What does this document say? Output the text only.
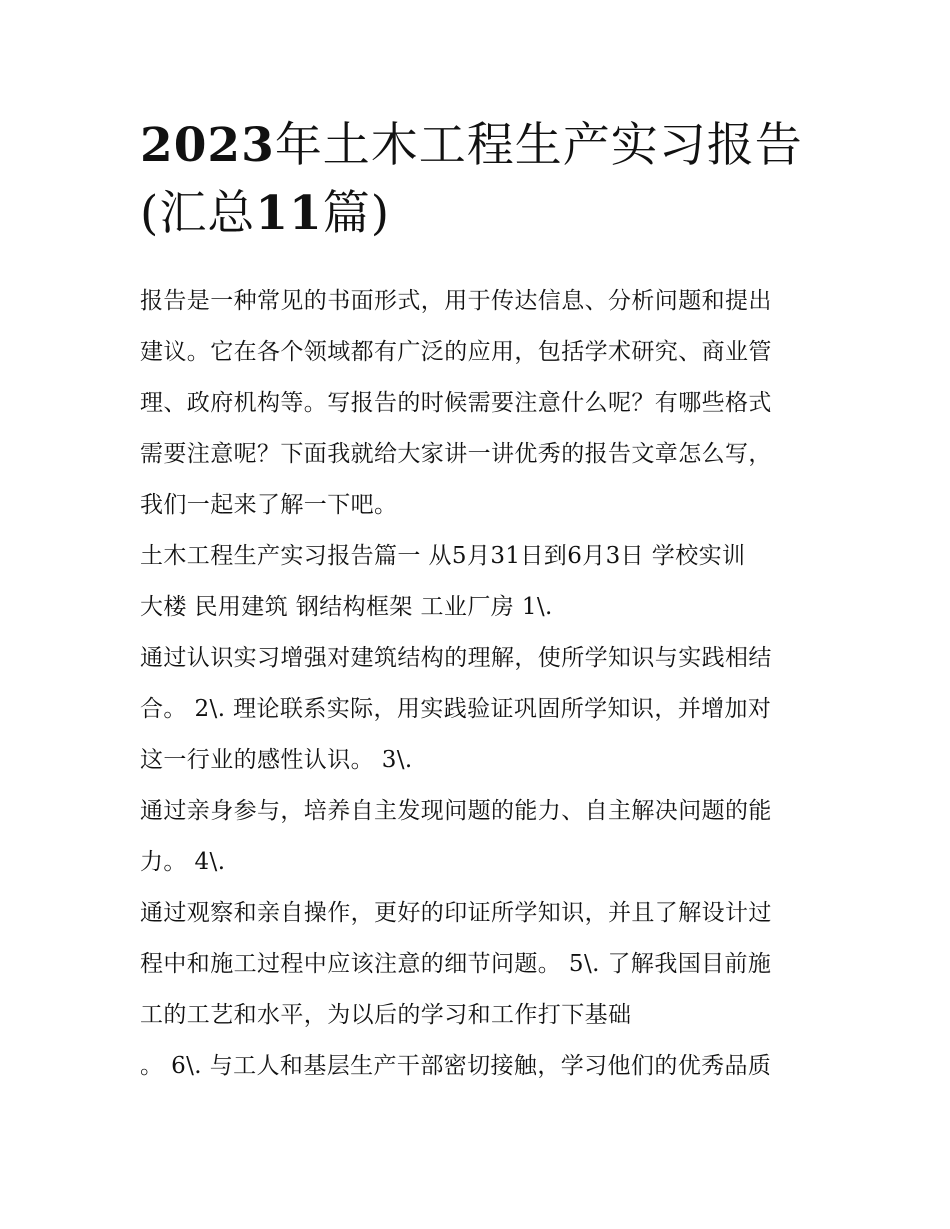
2023年土木工程生产实习报告
(汇总11篇)
报告是一种常见的书面形式，用于传达信息、分析问题和提出
建议。它在各个领域都有广泛的应用，包括学术研究、商业管
理、政府机构等。写报告的时候需要注意什么呢？有哪些格式
需要注意呢？下面我就给大家讲一讲优秀的报告文章怎么写，
我们一起来了解一下吧。
土木工程生产实习报告篇一 从5月31日到6月3日 学校实训
大楼 民用建筑 钢结构框架 工业厂房 1\.
通过认识实习增强对建筑结构的理解，使所学知识与实践相结
合。 2\. 理论联系实际，用实践验证巩固所学知识，并增加对
这一行业的感性认识。 3\.
通过亲身参与，培养自主发现问题的能力、自主解决问题的能
力。 4\.
通过观察和亲自操作，更好的印证所学知识，并且了解设计过
程中和施工过程中应该注意的细节问题。 5\. 了解我国目前施
工的工艺和水平，为以后的学习和工作打下基础
。 6\. 与工人和基层生产干部密切接触，学习他们的优秀品质
